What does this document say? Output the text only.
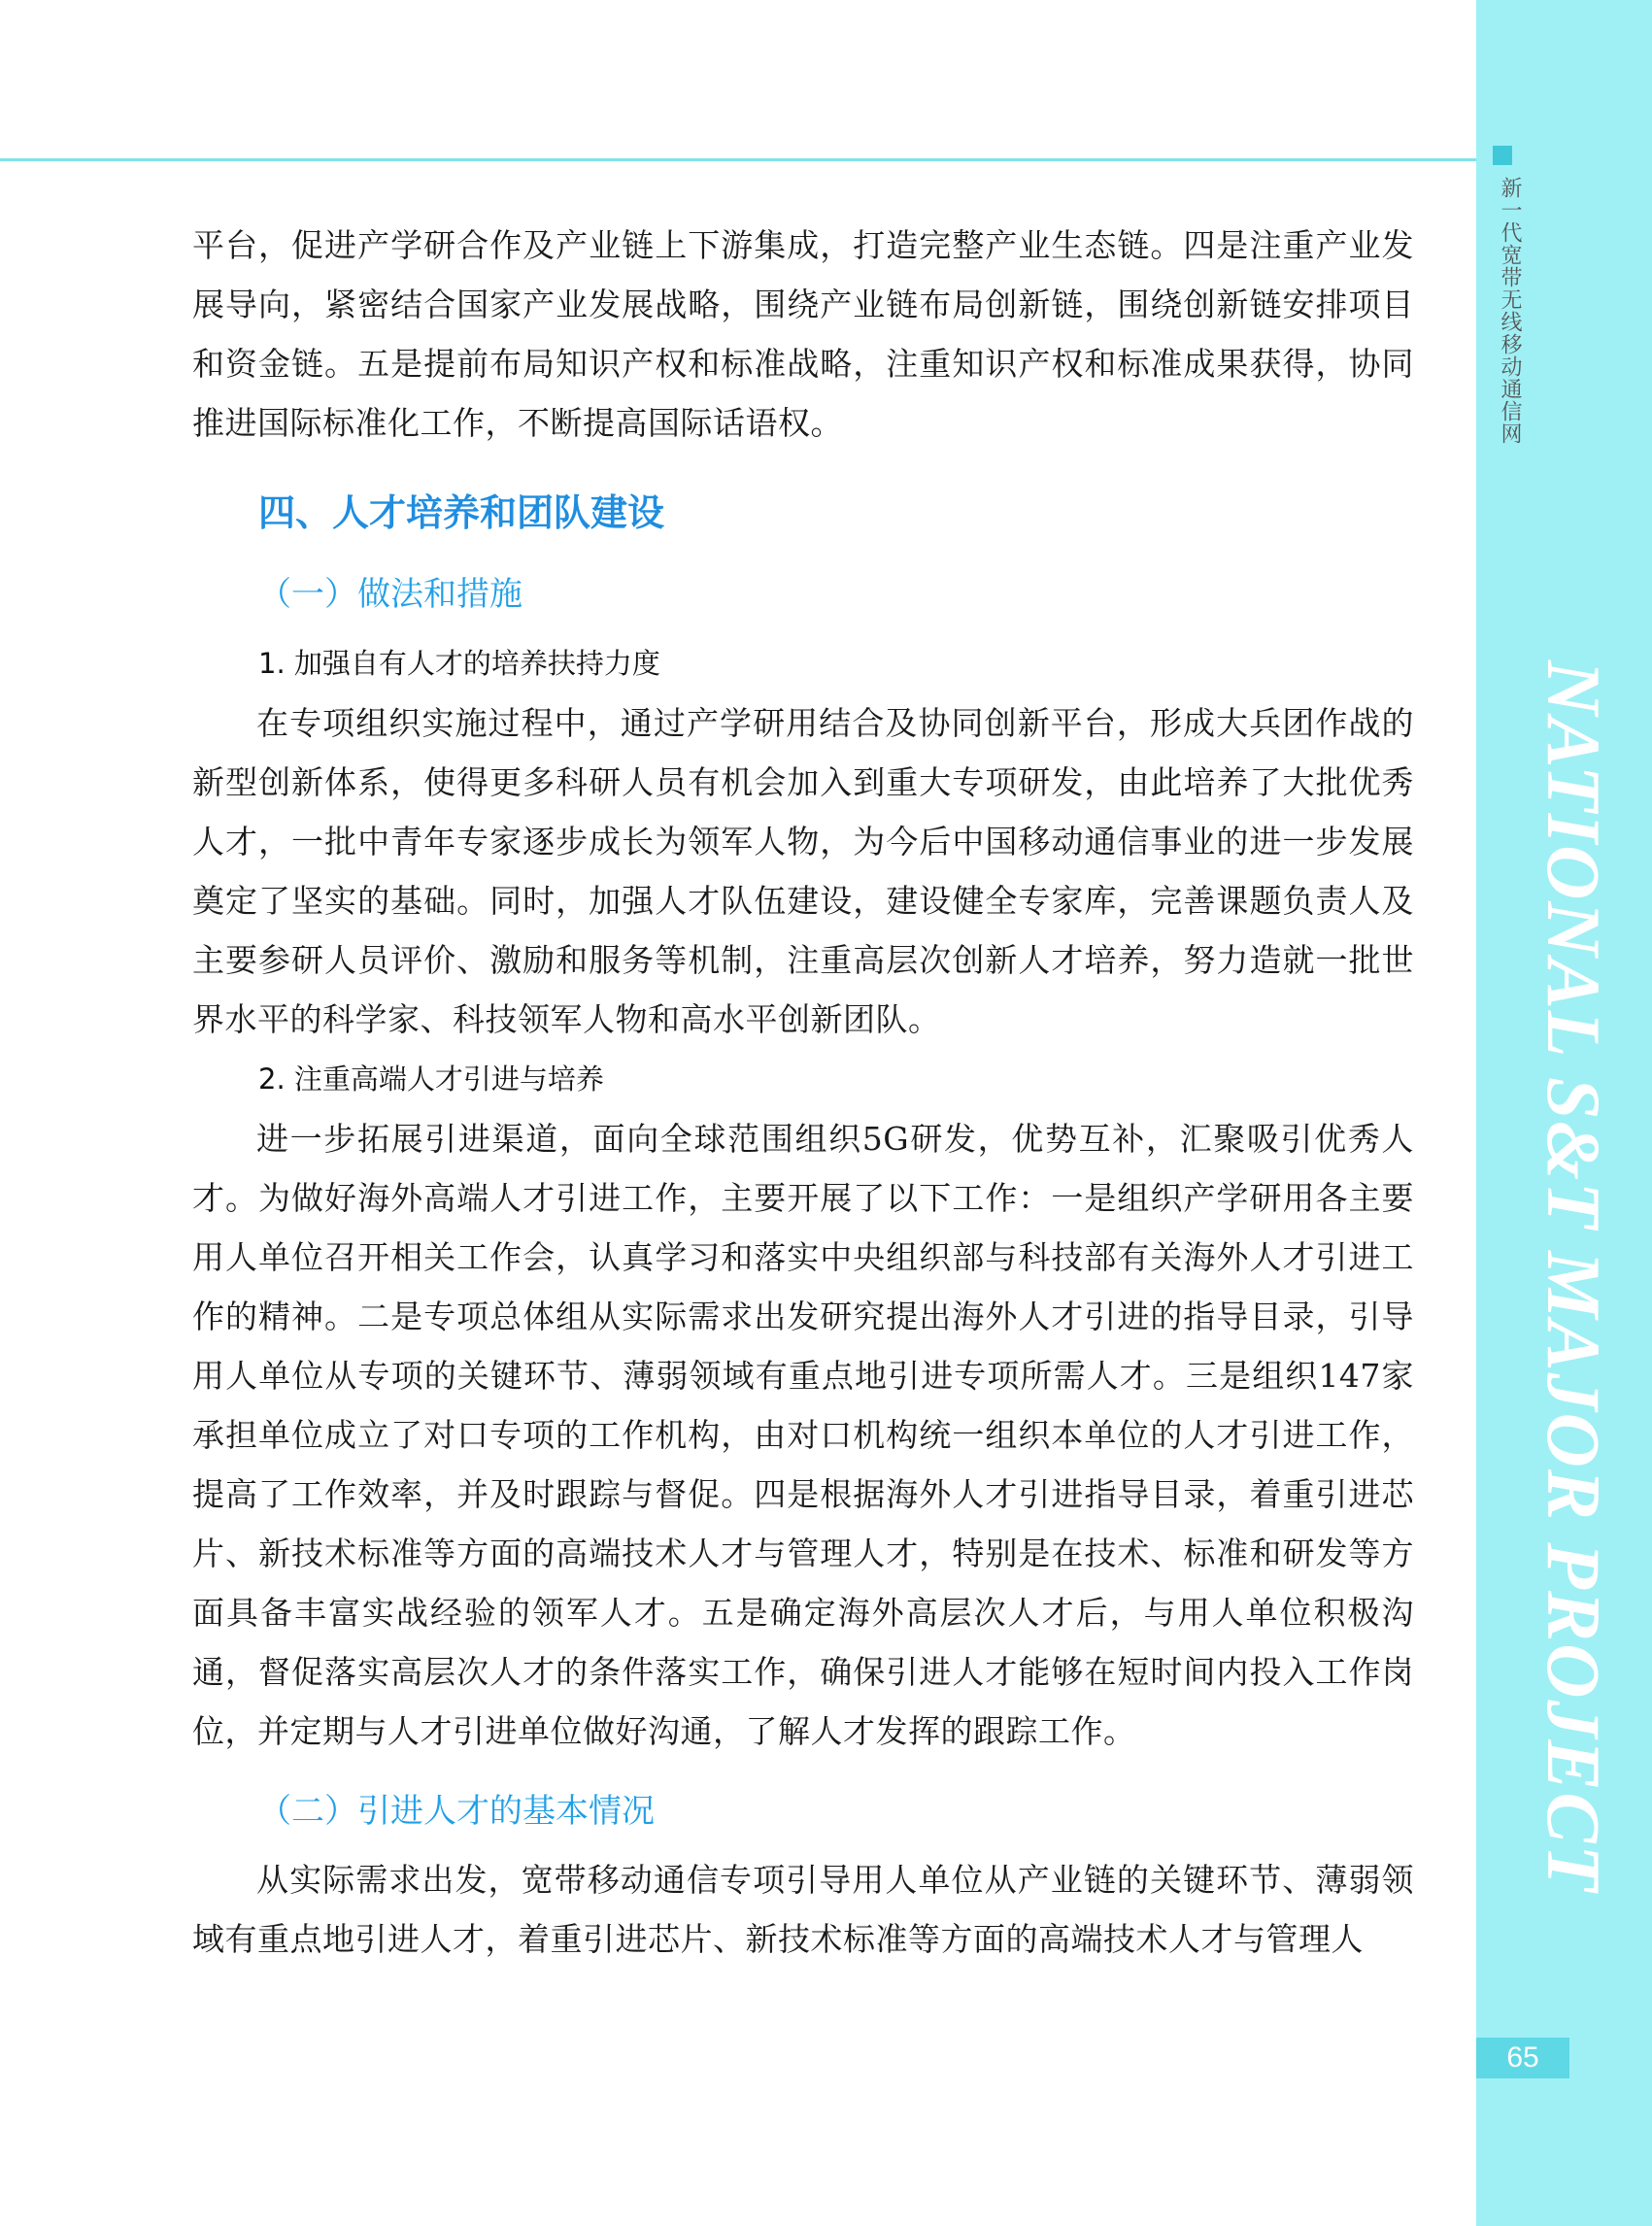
新一代宽带无线移动通信网
NATIONAL S&T MAJOR PROJECT
65

平台，促进产学研合作及产业链上下游集成，打造完整产业生态链。四是注重产业发展导向，紧密结合国家产业发展战略，围绕产业链布局创新链，围绕创新链安排项目和资金链。五是提前布局知识产权和标准战略，注重知识产权和标准成果获得，协同推进国际标准化工作，不断提高国际话语权。

四、人才培养和团队建设
（一）做法和措施
1. 加强自有人才的培养扶持力度

在专项组织实施过程中，通过产学研用结合及协同创新平台，形成大兵团作战的新型创新体系，使得更多科研人员有机会加入到重大专项研发，由此培养了大批优秀人才，一批中青年专家逐步成长为领军人物，为今后中国移动通信事业的进一步发展奠定了坚实的基础。同时，加强人才队伍建设，建设健全专家库，完善课题负责人及主要参研人员评价、激励和服务等机制，注重高层次创新人才培养，努力造就一批世界水平的科学家、科技领军人物和高水平创新团队。

2. 注重高端人才引进与培养

进一步拓展引进渠道，面向全球范围组织5G研发，优势互补，汇聚吸引优秀人才。为做好海外高端人才引进工作，主要开展了以下工作：一是组织产学研用各主要用人单位召开相关工作会，认真学习和落实中央组织部与科技部有关海外人才引进工作的精神。二是专项总体组从实际需求出发研究提出海外人才引进的指导目录，引导用人单位从专项的关键环节、薄弱领域有重点地引进专项所需人才。三是组织147家承担单位成立了对口专项的工作机构，由对口机构统一组织本单位的人才引进工作，提高了工作效率，并及时跟踪与督促。四是根据海外人才引进指导目录，着重引进芯片、新技术标准等方面的高端技术人才与管理人才，特别是在技术、标准和研发等方面具备丰富实战经验的领军人才。五是确定海外高层次人才后，与用人单位积极沟通，督促落实高层次人才的条件落实工作，确保引进人才能够在短时间内投入工作岗位，并定期与人才引进单位做好沟通，了解人才发挥的跟踪工作。

（二）引进人才的基本情况

从实际需求出发，宽带移动通信专项引导用人单位从产业链的关键环节、薄弱领域有重点地引进人才，着重引进芯片、新技术标准等方面的高端技术人才与管理人
